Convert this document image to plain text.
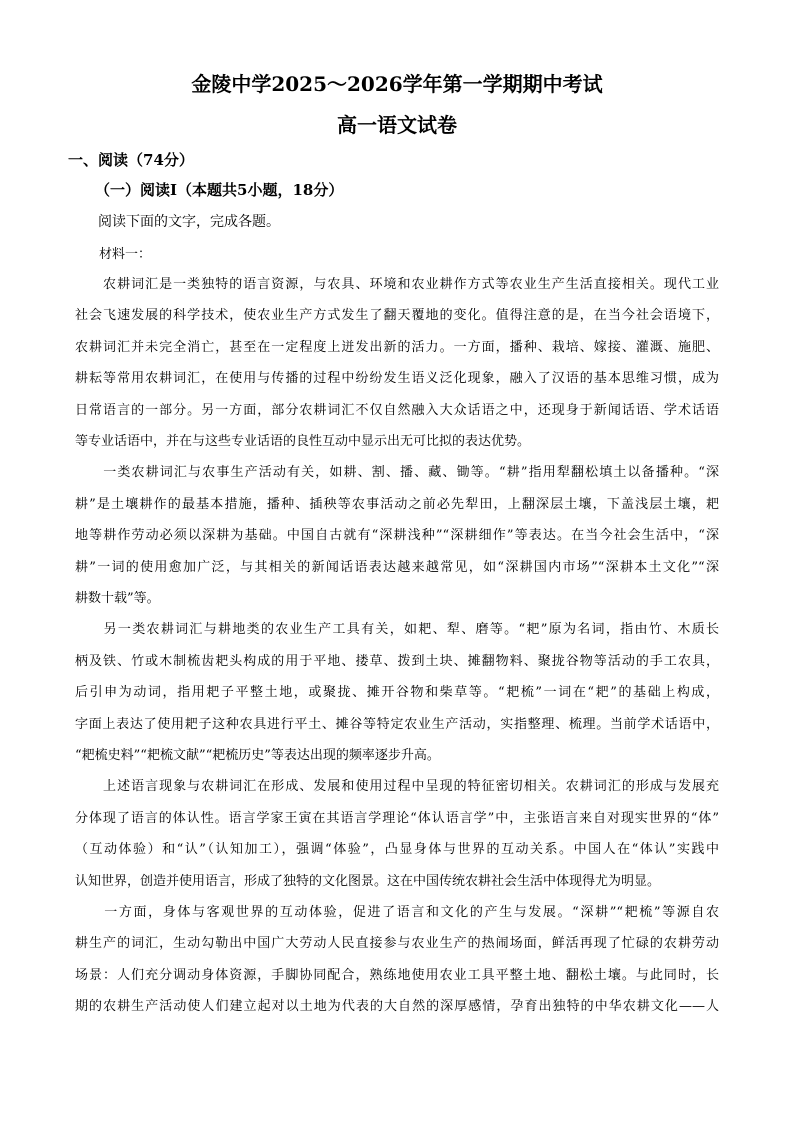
金陵中学2025～2026学年第一学期期中考试
高一语文试卷
一、阅读（74分）
（一）阅读Ⅰ（本题共5小题，18分）
阅读下面的文字，完成各题。
材料一：
　　农耕词汇是一类独特的语言资源，与农具、环境和农业耕作方式等农业生产生活直接相关。现代工业
社会飞速发展的科学技术，使农业生产方式发生了翻天覆地的变化。值得注意的是，在当今社会语境下，
农耕词汇并未完全消亡，甚至在一定程度上迸发出新的活力。一方面，播种、栽培、嫁接、灌溉、施肥、
耕耘等常用农耕词汇，在使用与传播的过程中纷纷发生语义泛化现象，融入了汉语的基本思维习惯，成为
日常语言的一部分。另一方面，部分农耕词汇不仅自然融入大众话语之中，还现身于新闻话语、学术话语
等专业话语中，并在与这些专业话语的良性互动中显示出无可比拟的表达优势。
　　一类农耕词汇与农事生产活动有关，如耕、割、播、藏、锄等。“耕”指用犁翻松填土以备播种。“深
耕”是土壤耕作的最基本措施，播种、插秧等农事活动之前必先犁田，上翻深层土壤，下盖浅层土壤，耙
地等耕作劳动必须以深耕为基础。中国自古就有“深耕浅种”“深耕细作”等表达。在当今社会生活中，“深
耕”一词的使用愈加广泛，与其相关的新闻话语表达越来越常见，如“深耕国内市场”“深耕本土文化”“深
耕数十载”等。
　　另一类农耕词汇与耕地类的农业生产工具有关，如耙、犁、磨等。“耙”原为名词，指由竹、木质长
柄及铁、竹或木制梳齿耙头构成的用于平地、搂草、拨到土块、摊翻物料、聚拢谷物等活动的手工农具，
后引申为动词，指用耙子平整土地，或聚拢、摊开谷物和柴草等。“耙梳”一词在“耙”的基础上构成，
字面上表达了使用耙子这种农具进行平土、摊谷等特定农业生产活动，实指整理、梳理。当前学术话语中，
“耙梳史料”“耙梳文献”“耙梳历史”等表达出现的频率逐步升高。
　　上述语言现象与农耕词汇在形成、发展和使用过程中呈现的特征密切相关。农耕词汇的形成与发展充
分体现了语言的体认性。语言学家王寅在其语言学理论“体认语言学”中，主张语言来自对现实世界的“体”
（互动体验）和“认”（认知加工），强调“体验”，凸显身体与世界的互动关系。中国人在“体认”实践中
认知世界，创造并使用语言，形成了独特的文化图景。这在中国传统农耕社会生活中体现得尤为明显。
　　一方面，身体与客观世界的互动体验，促进了语言和文化的产生与发展。“深耕”“耙梳”等源自农
耕生产的词汇，生动勾勒出中国广大劳动人民直接参与农业生产的热闹场面，鲜活再现了忙碌的农耕劳动
场景：人们充分调动身体资源，手脚协同配合，熟练地使用农业工具平整土地、翻松土壤。与此同时，长
期的农耕生产活动使人们建立起对以土地为代表的大自然的深厚感情，孕育出独特的中华农耕文化——人
